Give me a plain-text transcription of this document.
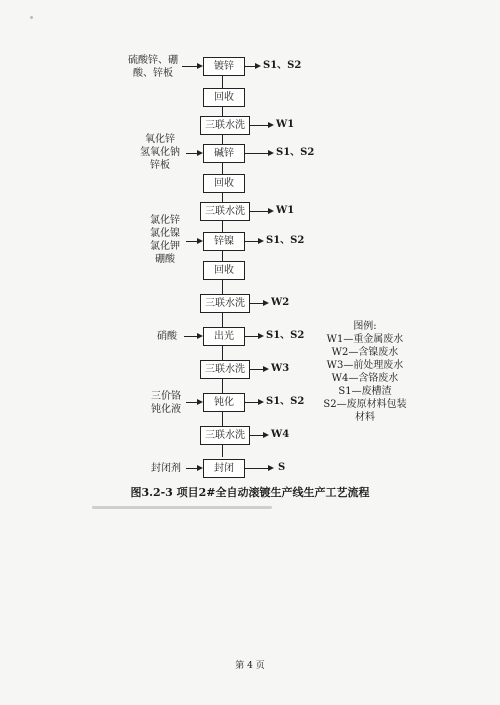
镀锌
回收
三联水洗
碱锌
回收
三联水洗
锌镍
回收
三联水洗
出光
三联水洗
钝化
三联水洗
封闭
硫酸锌、硼
酸、锌板
氧化锌
氢氧化钠
锌板
氯化锌
氯化镍
氯化钾
硼酸
硝酸
三价铬
钝化液
封闭剂
S1、S2
W1
S1、S2
W1
S1、S2
W2
S1、S2
W3
S1、S2
W4
S
图例:
W1—重金属废水
W2—含镍废水
W3—前处理废水
W4—含铬废水
S1—废槽渣
S2—废原材料包装
材料
图3.2-3 项目2#全自动滚镀生产线生产工艺流程
第 4 页
